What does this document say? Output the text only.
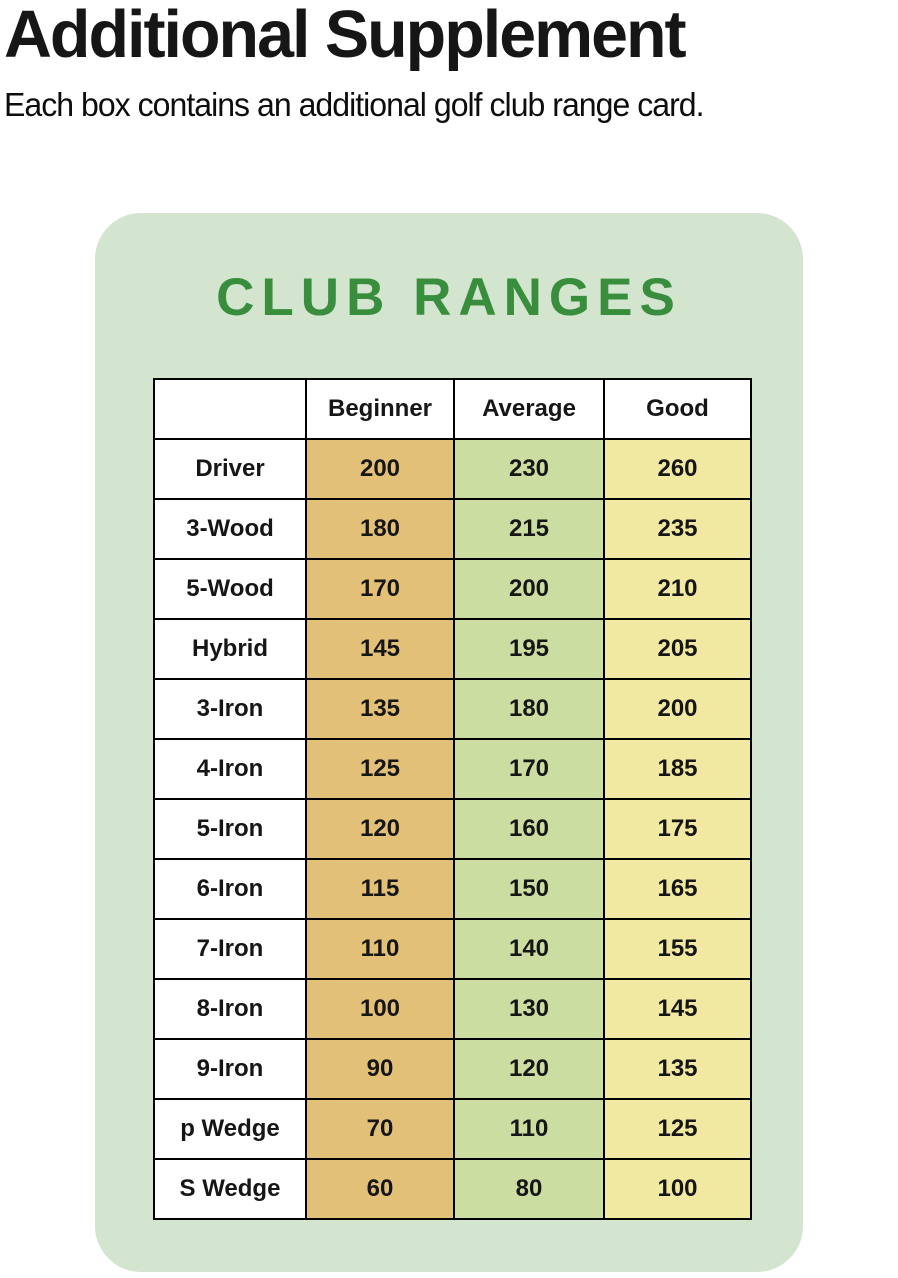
Additional Supplement

Each box contains an additional golf club range card.

CLUB RANGES
	Beginner	Average	Good
Driver	200	230	260
3-Wood	180	215	235
5-Wood	170	200	210
Hybrid	145	195	205
3-Iron	135	180	200
4-Iron	125	170	185
5-Iron	120	160	175
6-Iron	115	150	165
7-Iron	110	140	155
8-Iron	100	130	145
9-Iron	90	120	135
p Wedge	70	110	125
S Wedge	60	80	100
